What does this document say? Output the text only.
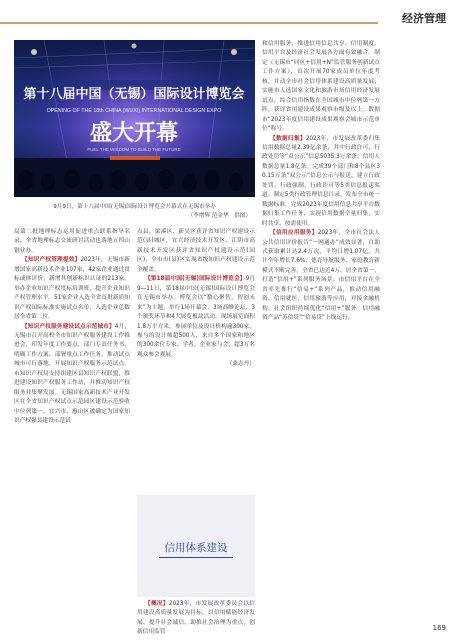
经济管理
第十八届中国（无锡）国际设计博览会
OPENING OF THE 18th CHINA (WUXI) INTERNATIONAL DESIGN EXPO
盛大开幕
FUEL THE WISDOM TO BUILD THE FUTURE
9月9日，第十八届中国(无锡)国际设计博览会开幕式在无锡市举办
（李增辉 范金华　供图）

局第二批地理标志运用促进重点联系指导名录，全省地理标志交流研讨活动也落地五四山钢业办。

【知识产权管理提效】2023年，无锡市新增国家高新技术企业107家，42家企业通过贯标或体评价，新增其创新标识认证的213家。举办企业知识产权贯标培训班，提升企业知识产权管理水平。51家企业入选全省首批新质知识产权国际标准实施试点名单，入选企业总数居全省第二位。

【知识产权服务建设试点示范城市】4月，无锡市召开高校全市知识产权服务建设工作推进会，印发年度工作要点，部门专责任务书，明确工作方案、部署重点工作任务，推动试点城市可行落地，开展知识产权服务示范试点。市知识产权局支持组建区县知识产权联盟，推进建设知识产权服务工作站，并推动知识产权服务业集聚发展。无锡国家高新技术产业开发区在全省知识产权试点示范园区建设示范验收中位列第一，宜兴市、惠山区被确定为国家知识产权强县建设示范试

点县。梁溪区、新吴区获评省知识产权建设示范(县)城区，宜兴经济技术开发区、江阴市高新技术开发区获评省知识产权建设示范(园区)，全市市(县)区实现省级知识产权建设示范全覆盖。

【第18届中国(无锡)国际设计博览会】9月9—11日，第18届中国(无锡)国际设计博览会在无锡市举办。博览会以“数心聚智，智创未来”为主题，举行1场开幕会、3场高峰论坛、3个颁奖环节和4大展览板块活动。现场展览面积1.8万平方米，参展单位及设计机构逾300家，参与的设计师超500人，来自多个国家和地区的300余位专家、学者、企业家与会，超3万名观众参会观展。

（桑志丹）

信用体系建设

【概况】2023年，市发展改革委员会以信用建设高质量发展为目标，以信用赋能经济发展、提升社会诚信、助推社会治理为重点，创新信用监管

和信用服务，推进信用信息共享、信用制度、信用平台及经济社会发展各方面有效融合。制定《无锡市“同区+信用+N”监管服务创新试点工作方案》，首次开展70家成员单位年度考核，并动全市社会信用体系建设高质量发展；实施市人选国家文化和旅游市场信用经济发展试点，综合信用指数在全国城市中位列第一方阵，获评省用建设成果观察市级及以上。数据市“2023年度信用建设成果观察会城市示范单位”称号。

【数据归集】2023年，市发展改革委归集信用数据总量2.39亿余条，其中行政许可、行政处罚等“双公示”信息5035.3万余条、信用人数据总量1.8亿条。完成39个部门和8个县区30.15万条“双公示”信息公示与报送，建立行政处罚、行政强制、行政许可等5类信息报送渠道。制定5类行政管理信息目录，发布全市统一数据标准，完成2023年度信用信息共享平台数据归集工作任务，实现信用数据全量归集、实时共享、按需使用。

【信用应用服务】2023年，全市社会法人公共信用评价报告“一网通办”成效显著，自助式获取累计达2.4万次，平均日增1.07亿，共计全年增长7.6%；德育导航服务、家庭教育新模式不断完善，全省已达近4万，居全省第一，打造“信用+”系列服务场景；市信用平台在全省率先推行“信易+”系列产品，推动信用融资、信用就医、信用旅游等应用，对接金融机构、社会组织持续优化“信用+”服务。信用融资产品“苏信贷”“信易贷”上线运行。

169
